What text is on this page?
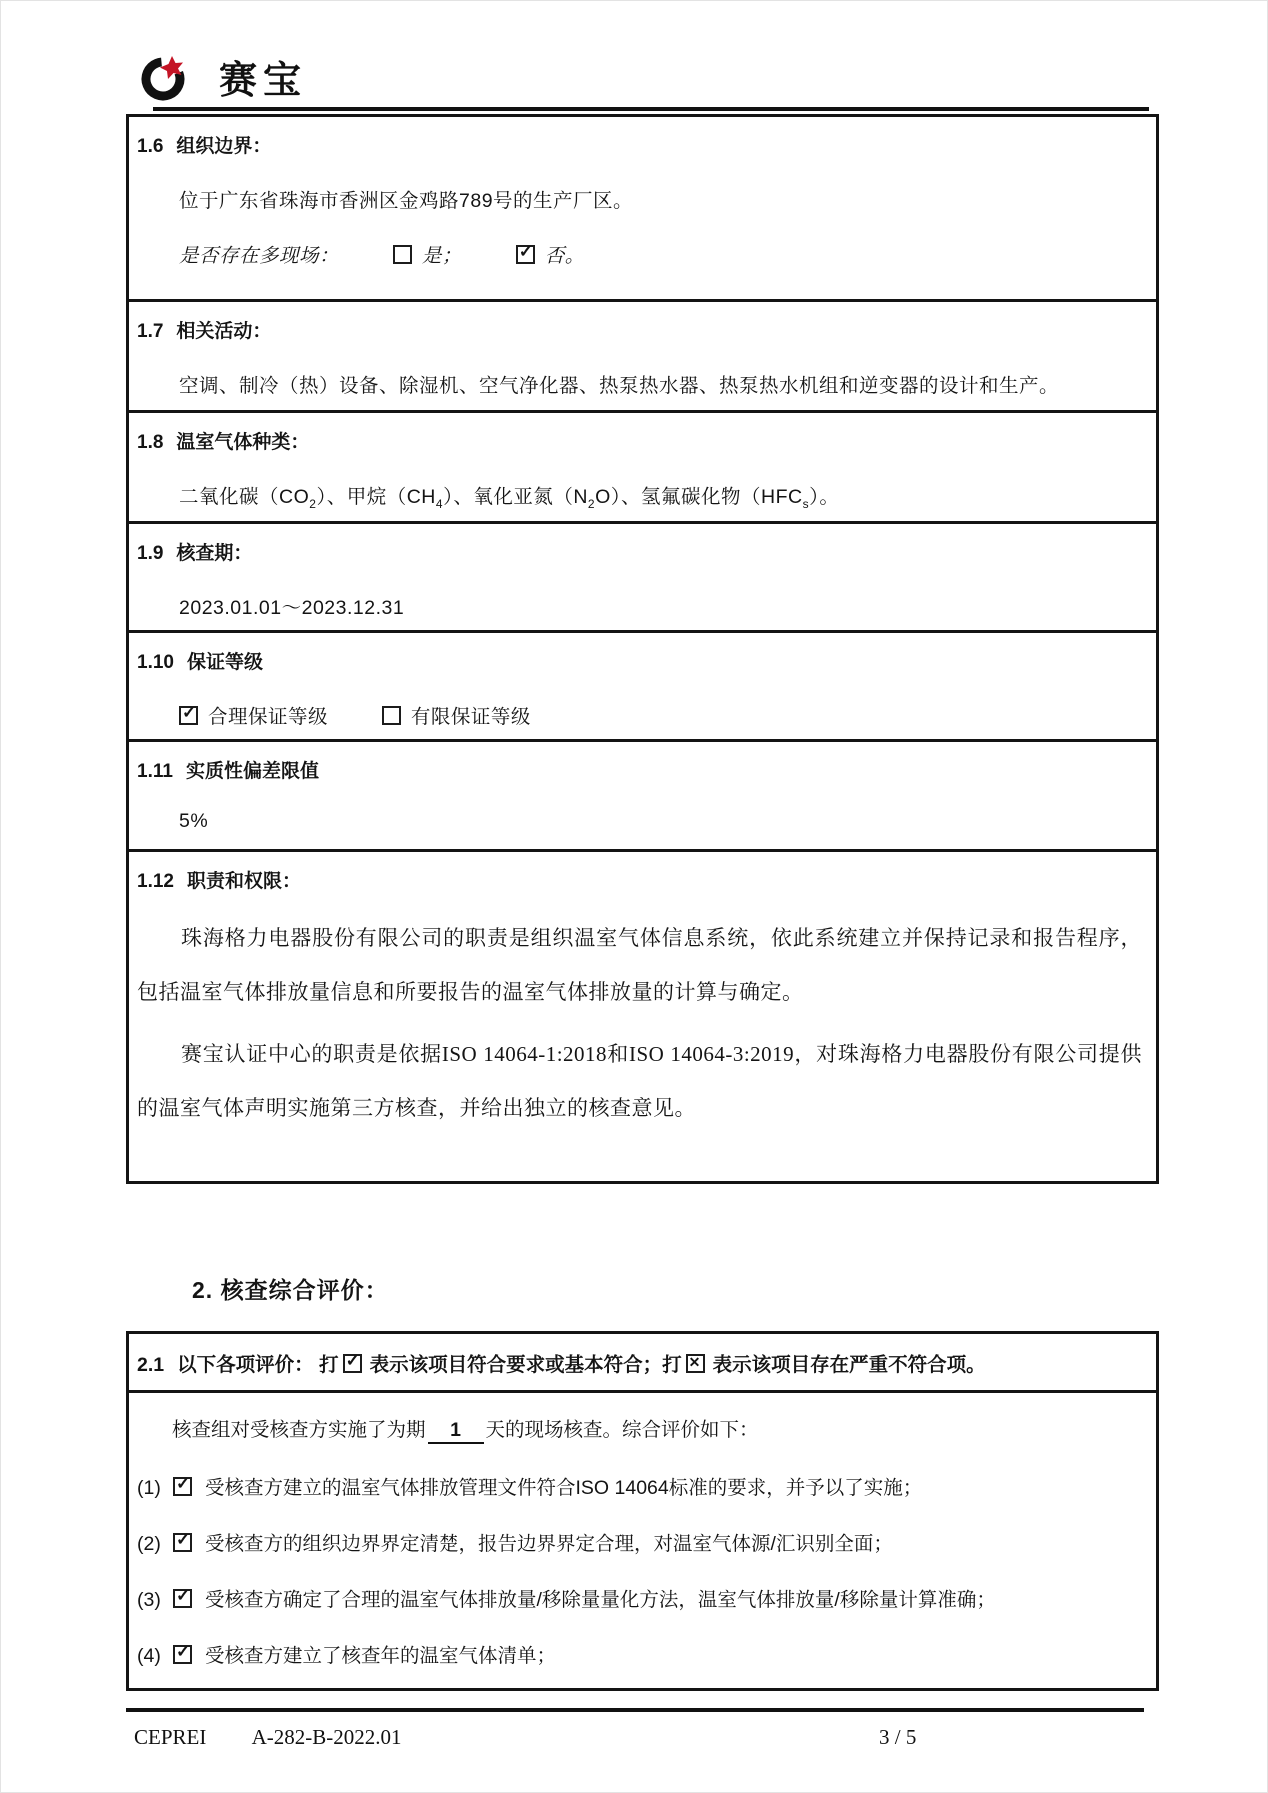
赛宝
1.6 组织边界：
位于广东省珠海市香洲区金鸡路789号的生产厂区。
是否存在多现场：	是； ✓	否。
1.7 相关活动：
空调、制冷（热）设备、除湿机、空气净化器、热泵热水器、热泵热水机组和逆变器的设计和生产。
1.8 温室气体种类：
二氧化碳$(CO_2)$、甲烷$(CH_4)$、氧化亚氮$(N_2O)$、氢氟碳化物$(HFC_s)$。
1.9 核查期：
2023.01.01～2023.12.31
1.10 保证等级
✓合理保证等级	有限保证等级
1.11 实质性偏差限值
5%
1.12 职责和权限：

珠海格力电器股份有限公司的职责是组织温室气体信息系统，依此系统建立并保持记录和报告程序，包括温室气体排放量信息和所要报告的温室气体排放量的计算与确定。

赛宝认证中心的职责是依据ISO 14064-1:2018和ISO 14064-3:2019，对珠海格力电器股份有限公司提供的温室气体声明实施第三方核查，并给出独立的核查意见。

2. 核查综合评价：
2.1 以下各项评价： 打 ✓ 表示该项目符合要求或基本符合；打 ✕ 表示该项目存在严重不符合项。
核查组对受核查方实施了为期 1 天的现场核查。综合评价如下：
(1) ✓ 受核查方建立的温室气体排放管理文件符合ISO 14064标准的要求，并予以了实施；
(2) ✓ 受核查方的组织边界界定清楚，报告边界界定合理，对温室气体源/汇识别全面；
(3) ✓ 受核查方确定了合理的温室气体排放量/移除量量化方法，温室气体排放量/移除量计算准确；
(4) ✓ 受核查方建立了核查年的温室气体清单；
CEPREI A-282-B-2022.01	3 / 5
